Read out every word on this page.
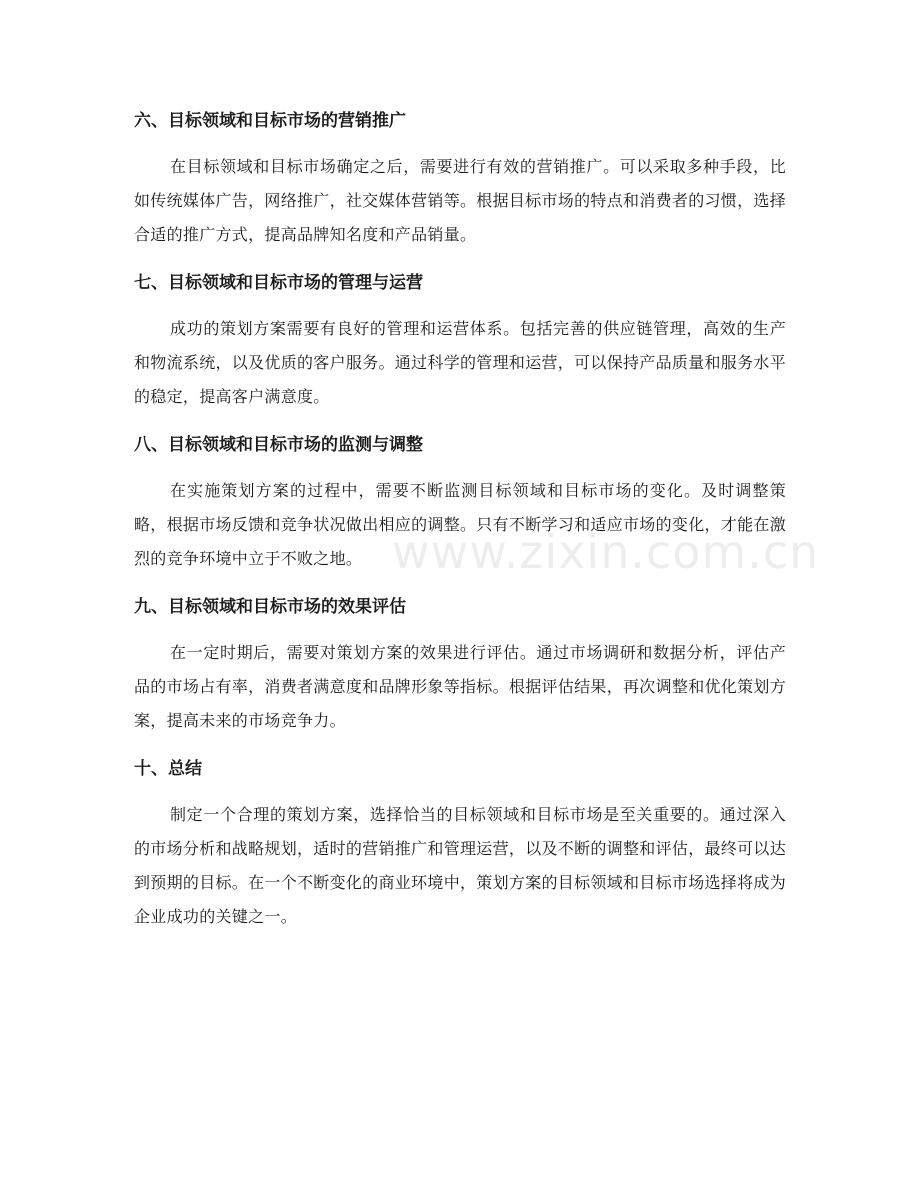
六、目标领域和目标市场的营销推广

在目标领域和目标市场确定之后，需要进行有效的营销推广。可以采取多种手段，比如传统媒体广告，网络推广，社交媒体营销等。根据目标市场的特点和消费者的习惯，选择合适的推广方式，提高品牌知名度和产品销量。

七、目标领域和目标市场的管理与运营

成功的策划方案需要有良好的管理和运营体系。包括完善的供应链管理，高效的生产和物流系统，以及优质的客户服务。通过科学的管理和运营，可以保持产品质量和服务水平的稳定，提高客户满意度。

八、目标领域和目标市场的监测与调整

在实施策划方案的过程中，需要不断监测目标领域和目标市场的变化。及时调整策略，根据市场反馈和竞争状况做出相应的调整。只有不断学习和适应市场的变化，才能在激烈的竞争环境中立于不败之地。

九、目标领域和目标市场的效果评估

在一定时期后，需要对策划方案的效果进行评估。通过市场调研和数据分析，评估产品的市场占有率，消费者满意度和品牌形象等指标。根据评估结果，再次调整和优化策划方案，提高未来的市场竞争力。

十、总结

制定一个合理的策划方案，选择恰当的目标领域和目标市场是至关重要的。通过深入的市场分析和战略规划，适时的营销推广和管理运营，以及不断的调整和评估，最终可以达到预期的目标。在一个不断变化的商业环境中，策划方案的目标领域和目标市场选择将成为企业成功的关键之一。

www.zixin.com.cn
